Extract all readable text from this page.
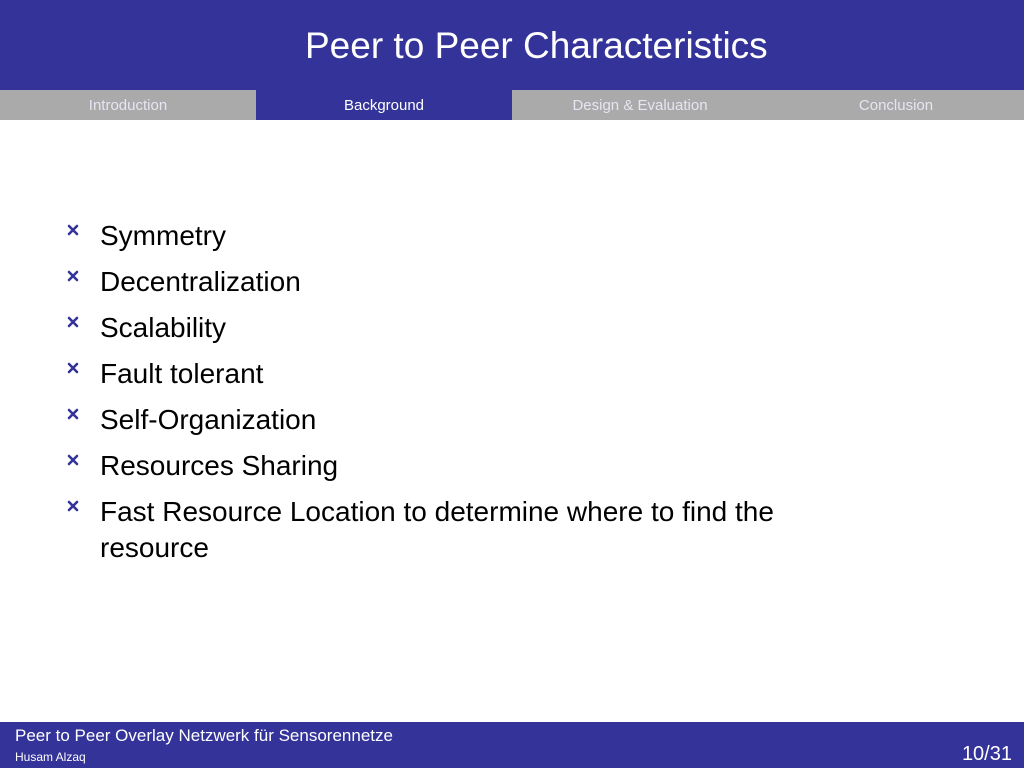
Peer to Peer Characteristics
Introduction	Background	Design & Evaluation	Conclusion
Symmetry
Decentralization
Scalability
Fault tolerant
Self-Organization
Resources Sharing
Fast Resource Location to determine where to find the resource
Peer to Peer Overlay Netzwerk für Sensorennetze
Husam Alzaq	10/31
